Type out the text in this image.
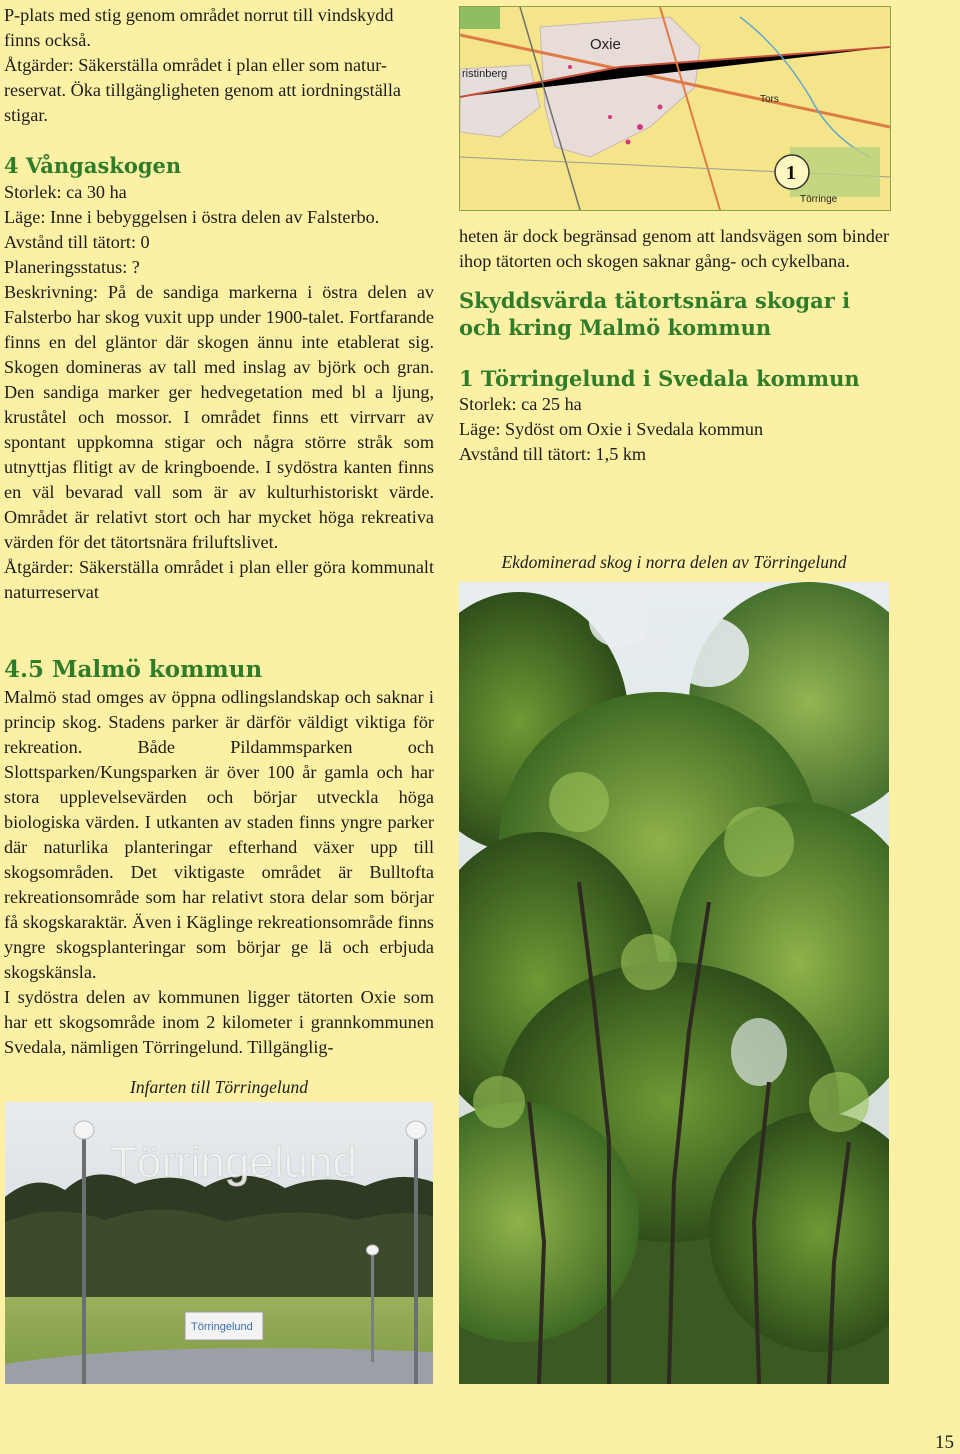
P-plats med stig genom området norrut till vindskydd finns också.

Åtgärder: Säkerställa området i plan eller som natur-reservat. Öka tillgängligheten genom att iordningställa stigar.

4 Vångaskogen

Storlek: ca 30 ha

Läge: Inne i bebyggelsen i östra delen av Falsterbo.

Avstånd till tätort: 0

Planeringsstatus: ?

Beskrivning: På de sandiga markerna i östra delen av Falsterbo har skog vuxit upp under 1900-talet. Fortfarande finns en del gläntor där skogen ännu inte etablerat sig. Skogen domineras av tall med inslag av björk och gran. Den sandiga marker ger hedvegetation med bl a ljung, kruståtel och mossor. I området finns ett virrvarr av spontant uppkomna stigar och några större stråk som utnyttjas flitigt av de kringboende. I sydöstra kanten finns en väl bevarad vall som är av kulturhistoriskt värde. Området är relativt stort och har mycket höga rekreativa värden för det tätortsnära friluftslivet.

Åtgärder: Säkerställa området i plan eller göra kommunalt naturreservat

4.5 Malmö kommun

Malmö stad omges av öppna odlingslandskap och saknar i princip skog. Stadens parker är därför väldigt viktiga för rekreation. Både Pildammsparken och Slottsparken/Kungsparken är över 100 år gamla och har stora upplevelsevärden och börjar utveckla höga biologiska värden. I utkanten av staden finns yngre parker där naturlika planteringar efterhand växer upp till skogsområden. Det viktigaste området är Bulltofta rekreationsområde som har relativt stora delar som börjar få skogskaraktär. Även i Käglinge rekreationsområde finns yngre skogsplanteringar som börjar ge lä och erbjuda skogskänsla.

I sydöstra delen av kommunen ligger tätorten Oxie som har ett skogsområde inom 2 kilometer i grannkommunen Svedala, nämligen Törringelund. Tillgänglig-

Infarten till Törringelund
Törringelund
Törringelund
Oxie
ristinberg
Tors
Törringe
1

heten är dock begränsad genom att landsvägen som binder ihop tätorten och skogen saknar gång- och cykelbana.

Skyddsvärda tätortsnära skogar i och kring Malmö kommun
1 Törringelund i Svedala kommun

Storlek: ca 25 ha

Läge: Sydöst om Oxie i Svedala kommun

Avstånd till tätort: 1,5 km

Ekdominerad skog i norra delen av Törringelund
15
